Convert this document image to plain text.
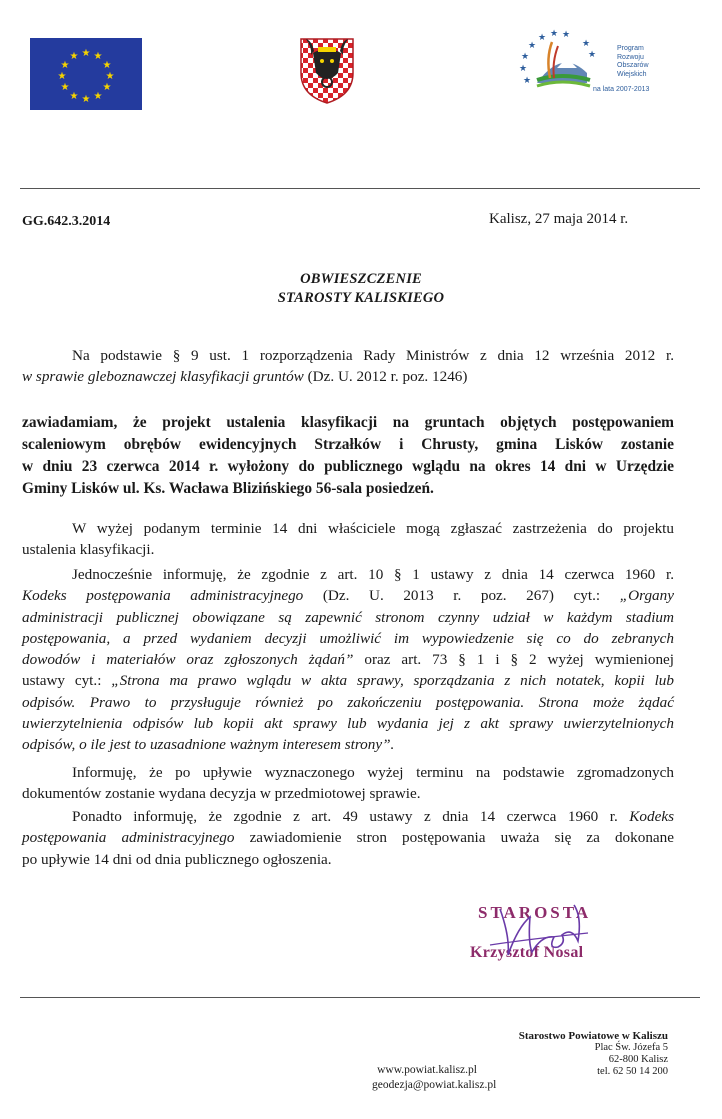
★ ★
★
★
★
★
★
★
★
★
★
★
★ ★ ★
★
★
★
★
★
★
Program
Rozwoju
Obszarów
Wiejskich
na lata 2007-2013
GG.642.3.2014	Kalisz, 27 maja 2014 r.
OBWIESZCZENIE
STAROSTY KALISKIEGO
Na podstawie § 9 ust. 1 rozporządzenia Rady Ministrów z dnia 12 września 2012 r.
w sprawie gleboznawczej klasyfikacji gruntów (Dz. U. 2012 r. poz. 1246)
zawiadamiam, że projekt ustalenia klasyfikacji na gruntach objętych postępowaniem
scaleniowym obrębów ewidencyjnych Strzałków i Chrusty, gmina Lisków zostanie
w dniu 23 czerwca 2014 r. wyłożony do publicznego wglądu na okres 14 dni w Urzędzie
Gminy Lisków ul. Ks. Wacława Blizińskiego 56-sala posiedzeń.
W wyżej podanym terminie 14 dni właściciele mogą zgłaszać zastrzeżenia do projektu
ustalenia klasyfikacji.
Jednocześnie informuję, że zgodnie z art. 10 § 1 ustawy z dnia 14 czerwca 1960 r.
Kodeks postępowania administracyjnego (Dz. U. 2013 r. poz. 267) cyt.: „Organy
administracji publicznej obowiązane są zapewnić stronom czynny udział w każdym stadium
postępowania, a przed wydaniem decyzji umożliwić im wypowiedzenie się co do zebranych
dowodów i materiałów oraz zgłoszonych żądań” oraz art. 73 § 1 i § 2 wyżej wymienionej
ustawy cyt.: „Strona ma prawo wglądu w akta sprawy, sporządzania z nich notatek, kopii lub
odpisów. Prawo to przysługuje również po zakończeniu postępowania. Strona może żądać
uwierzytelnienia odpisów lub kopii akt sprawy lub wydania jej z akt sprawy uwierzytelnionych
odpisów, o ile jest to uzasadnione ważnym interesem strony”.
Informuję, że po upływie wyznaczonego wyżej terminu na podstawie zgromadzonych
dokumentów zostanie wydana decyzja w przedmiotowej sprawie.
Ponadto informuję, że zgodnie z art. 49 ustawy z dnia 14 czerwca 1960 r. Kodeks
postępowania administracyjnego zawiadomienie stron postępowania uważa się za dokonane
po upływie 14 dni od dnia publicznego ogłoszenia.
STAROSTA
Krzysztof Nosal
www.powiat.kalisz.pl
geodezja@powiat.kalisz.pl
Starostwo Powiatowe w Kaliszu
Plac Św. Józefa 5
62-800 Kalisz
tel. 62 50 14 200
